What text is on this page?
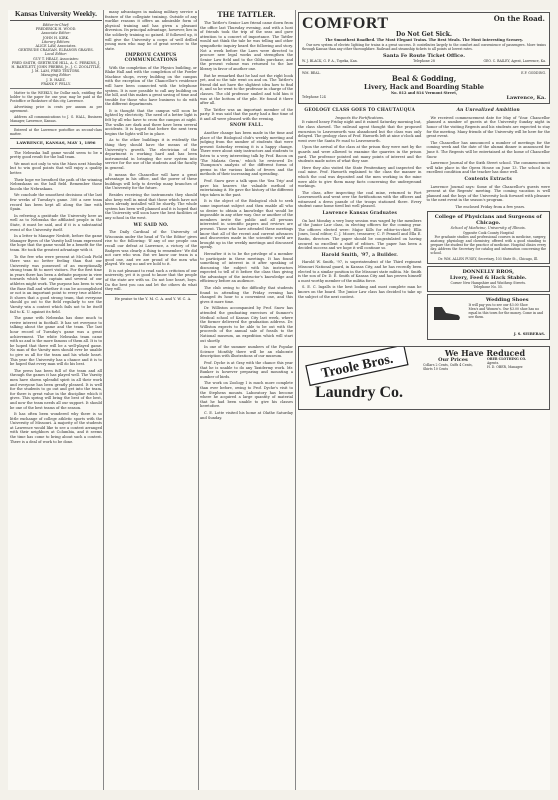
Kansas University Weekly.
Editor-in-Chief:
FREDERICK H. WOOD.
Associate Editor:
JOHN H. KIRK.
Literary Editors:
ALICE LAW, Associates.
GERTRUDE CRAIGAN. ELEANOR GRAVES.
Local Editor:
GUY T. HEALY, Associates:
FRED SMITH, GERTRUDE HILL, A. C. PERKINS, J. H. BARTLETT, JOHN PREBBS, Jr., J. C. ZOOLITTLE, J. M. LAM, FRED TEXTORS.
Managing Editor:
J. D. HADZ.
FRANK F. PELLY.

Matter to the WEEKLY, for Dollar each, entitling the holder to the paper for one year, may be paid at the Postoffice or Bookstore of this city, Lawrence.

Advertising price in cents per annum as per agreement.

Address all communications to J. G. HALL, Business Manager, Lawrence, Kansas.

Entered at the Lawrence postoffice as second-class matter.

LAWRENCE, KANSAS, MAY 1, 1896

The Nebraska ball game would seem to be a pretty good result for the ball team.

We must not only to win the Mass next Monday but to win good points that will enjoy a quality better.

Their hope we breathed the path of the winning Nebraskans on the ball field. Remember those lincoln the Nebraskans.

We conclude the smoothest decisions of the last few weeks of Tuesday's game. 300 a new team record has been kept all along the line with Spain.

In referring a gratitude the University here as well as to Nebraska the affiliated people in the State, it must be said, and if it is a substantial event of the University itself.

In a letter to Manager Nesbitt, before the game Manager Byers of the Varsity ball team expressed the hope that the game would be a benefit for the team. He took the greatest advantage with it.

To the few who were present at McCook Field there was no better feeling than that our University was possessed of an exceptionally strong team fit to meet visitors. For the first time in years there has been a definite purpose in view towards which the captain and several of our athletes might work. The purpose has been to win the Base Ball and whether it can be accomplished or not is an important point to every true athlete. It shows that a good strong team, that everyone should go out to the field regularly to see the Varsity win a contest which fails not to be itself fail to K. U. against its field.

The game with Nebraska has done much to revive interest in football. It has set everyone to talking about the game and the team. The last hour record of Tuesday's game was a great achievement. The white Nebraska team came with us and is the more famous of them all. It is to be hoped that there will be a well-played game. No man of the Varsity men should ever be unable to give us all for the team and his whole heart. This year the University has a chance and it is to be hoped that every man will do his best.

The press has been full of the team and all through the games it has played well. The Varsity men have shown splendid spirit in all their work and everyone has been greatly pleased. It is well for the students to go out and get into the team, for there is great value in the discipline which it gives. This spring will bring the best of the best, and now the team needs all our support. It should be one of the best teams of the season.

It has often been wondered why there is so little exchange of college athletic sports with the University of Missouri. A majority of the students at Lawrence would like to see a contest arranged with their neighbors at Columbia, and it seems the time has come to bring about such a contest. There is a deal of work to be done.

many advantages in making military service a feature of the collegiate training. Outside of any warlike reasons it offers an admirable form of physical training and has given a pleasant diversion. Its principal advantage, however, lies in the soldierly training so gained. If followed up, it will give the University a corps of well drilled young men who may be of great service to the state.

IMPROVE CAMPUS COMMUNICATIONS

With the completion of the Physics building, or Blake Hall and with the completion of the Fowler Machine shops, every building on the campus with the exception of the Chancellor's residence will have been connected with the telephone system. It is now possible to call any building on the hill, and this makes a great saving of time and trouble for those who have business to do with the different departments.

It is thought that the campus will soon be lighted by electricity. The need of a better light is felt by all who have to cross the campus at night. The walks are dark and there have been several accidents. It is hoped that before the next term begins the lights will be in place.

As to the other buildings it is evidently the thing they should have the means of the University's growth. The electrician of the department is working hard and has been instrumental in bringing the new system into service for the use of the students and the faculty in general.

It means the Chancellor will have a great advantage in his office, and the power of these buildings will help to develop many branches of the University for the future.

Besides receiving the instruments they should also keep well in mind that those which have not been already installed will be shortly. The whole system has been well planned and it is hoped that the University will soon have the best facilities of any school in the west.

WE SAID NO.

The Daily Cardinal of the University of Wisconsin under the head of 'To the Editor' gives rise to the following: 'If any of our people can recall our defeat at Lawrence, a victory of the Badgers was clearly a thing to remember.' We did not care who won. But we know our team is a good one, and we are proud of the men who played. We say no and we hold to it.

It is not pleasant to read such a criticism of our university, yet it is good to know that the people of the state are with us. Do not lose heart, boys. Do the best you can and let the others do what they will.

He praise to the Y. M. C. A. and Y. W. C. A.

THE TATTLER.

The Tattler's Senior Law friend came down from the office last Thursday evening, and with a host of friends took the trip of the seas and gave attention to a concert of importance. The Tattler would not think the tale he was telling and other sympathetic inquiry heard the following and story. Not a week before the Laws were directed to procure new legal works and strengthen the Senior Law field and to the Gibbs purchase, and the present volume was returned to the law library in favor of another one.

But he remarked that he had not the right book yet, and so the tale went on and on. The Tattler's friend did not have the slightest idea how to find it, and so he went to the professor in charge of the classes. The old professor smiled and told him it was at the bottom of the pile. He found it there after all.

The Tattler was an important member of the party. It was said that the party had a fine time of it and all were pleased with the evening.

SNOW FALL.

Another change has been made in the time and place of the Biological club's weekly meeting and judging from the number of students that were present Saturday evening it is a happy change. There were about sixty instructors and students to listen to a very interesting talk by Prof. Bacon on 'The Malaria Germ,' which he reviewed Dr. Thompson's analysis of the different forms of germs in the various kinds of fevers and the methods of their increasing and spreading.

Prof. Snow gave a talk upon the 'Sea Trip' and gave his hearers the valuable method of entertaining it. He gave the history of the different trips taken in the past.

It is the object of the Biological club to seek some important subject and then enable all who so desire to obtain a knowledge that would be impossible in any other way. One or another of the members invite the public and all persons interested in scientific papers and reviews are present. Those who have attended these meetings know that all of the recent and current advances and discoveries made in the scientific world are brought up in the weekly meetings and discussed openly.

Hereafter it is to be the privilege of a member to participate in these meetings. It has found something of interest in it after speaking of discussing the subject with his instructors expected to tell of it before the class thus giving the advantage of the instructor's knowledge and efficiency before an audience.

The club owing to the difficulty that students found in attending the Friday evening has changed its hour to a convenient one, and this gives it more time.

Dr. Williston accompanied by Prof. Snow has attended the graduating exercises of Sumner's Medical school of Kansas City last week, where the former delivered the graduation address. Dr. Williston expects to be able to be out with the proceeds of the annual sale of fossils to the National museum, an expedition which will start out shortly.

In one of the summer numbers of the Popular Science Monthly there will be an elaborate description with illustrations of our museum.

Prof. Dyche is at Gray with the chance this year that he is unable to do any Taxidermy work. Mr. Bunker is however preparing and mounting a number of birds.

The work on Zoology I is much more complete than ever before, owing to Prof. Dyche's visit to the Stephens mounts. Laboratory has become where he acquired a large quantity of material that he had been unable to give his classes heretofore.

C. E. Lotte visited his home at Olathe Saturday and Sunday.

COMFORT	On the Road.
Do Not Get Sick.
The Smoothest Roadbed. The Most Elegant Trains. The Best Meals. The Most Interesting Scenery.

Our new system of electric lighting for trains is a great success. It contributes largely to the comfort and convenience of passengers. More trains through Kansas than any other thoroughfare. Railroad and steamship tickets to all points at lowest rates.

Santa Fe Route Ticket Office.
W. J. BLACK, G. P. A., Topeka, Kan.	Telephone 28	GEO. C. BAILEY, Agent, Lawrence, Ka.
WM. BEAL.	E.F. GODDING.
Beal & Godding,
Livery, Hack and Boarding Stable
No. 812 and 814 Vermont Street,
Telephone 124	Lawrence, Ka.
GEOLOGY CLASS GOES TO CHAUTAUQUA
Inspects the Fortifications.

It rained heavy Friday night and it rained Saturday morning but, the class showed. The railroad agent thought that the proposed excursion to Leavenworth was abandoned but the class was only delayed. The geology class of Prof. Haworth left at nine o'clock and went over the Santa Fe road to Leavenworth.

Upon the arrival of the class at the prison they were met by the guards and were allowed to examine the quarries in the prison yard. The professor pointed out many points of interest and the students made notes of what they saw.

Here they also visited the State Penitentiary and inspected the coal mine. Prof. Haworth explained to the class the manner in which the coal was deposited and the men working in the mine were able to give them many facts concerning the underground workings.

The class, after inspecting the coal mine, returned to Fort Leavenworth and went over the fortifications with the officers and witnessed a dress parade of the troops stationed there. Every student came home tired but well pleased.

Lawrence Kansas Graduates

On last Monday a very busy session was waged by the members of the Junior Law class, in electing officers for the coming year. The officers elected were: Major Kills for editor-in-chief; Ellis Jones, local editor; C. J. Moore, treasurer; C. P. Pennell and Ella E. Bastin, directors. The paper should be congratulated on having secured so excellent a staff of editors. The paper has been a decided success and we hope it will continue so.

Harold Smith, '97, a Builder.

Harold W. Smith, '97, is superintendent of the Third regiment Missouri National guard, in Kansas City, and he has recently been elected to a similar position in the Missouri state militia. Mr. Smith is the son of Dr. D. E. Smith of Kansas City and has proven himself a most worthy member of the militia force.

S. E. C. Ingalls is the best looking and most complete man he knows on the board. The Junior Law class has decided to take up the subject of the next contest.

An Unrealized Ambition

We received commencement date for May of 'Your. Chancellor planned a number of guests at the University Sunday night in honor of the visiting Regents and his students are expected to stay for the meeting. Many friends of the University will be here for the great event.

The Chancellor has announced a number of meetings for the coming week and the date of the alumni dinner is announced for June 8. The Regents will be entertained at the home of Chancellor Snow.

Lawrence Journal of the Sixth Street school. The commencement will take place in the Opera House on June 13. The school is in excellent condition and the teacher has done well.

Contents Extracts

Lawrence Journal says: Some of the Chancellor's guests were present at the Regents' meeting. The coming vacation is well planned and the boys of the University look forward with pleasure to the next event in the season's program.

The enclosed Friday from a few years.

College of Physicians and Surgeons of Chicago.
School of Medicine, University of Illinois.
Opposite Cook County Hospital

For graduate studies and professional courses in medicine, surgery, anatomy, physiology and chemistry, offered with a good standing to prepare the student for the practice of medicine. Hospital clinics every day. Address the Secretary for catalog and information concerning the school.

Dr. WM. ALLEN PUSEY, Secretary, 103 State St., Chicago, Ill.
DONNELLY BROS,
Livery, Feed & Hack Stable.
Corner New Hampshire and Winthrop Streets.
Telephone No. 55.
Wedding Shoes
It will pay you to see our $3.00 Shoe
Men's and Women's. Our $3.00 shoe has no equal in this town for the money. Come in and see them.
J. S. SEIBERAS.
Troole Bros.
Laundry Co.
We Have Reduced
Our Prices
Collars 2 Cents, Cuffs 4 Cents, Shirts 10 Cents
OBER CLOTHING CO.
Agents.
H. D. OBER, Manager.
